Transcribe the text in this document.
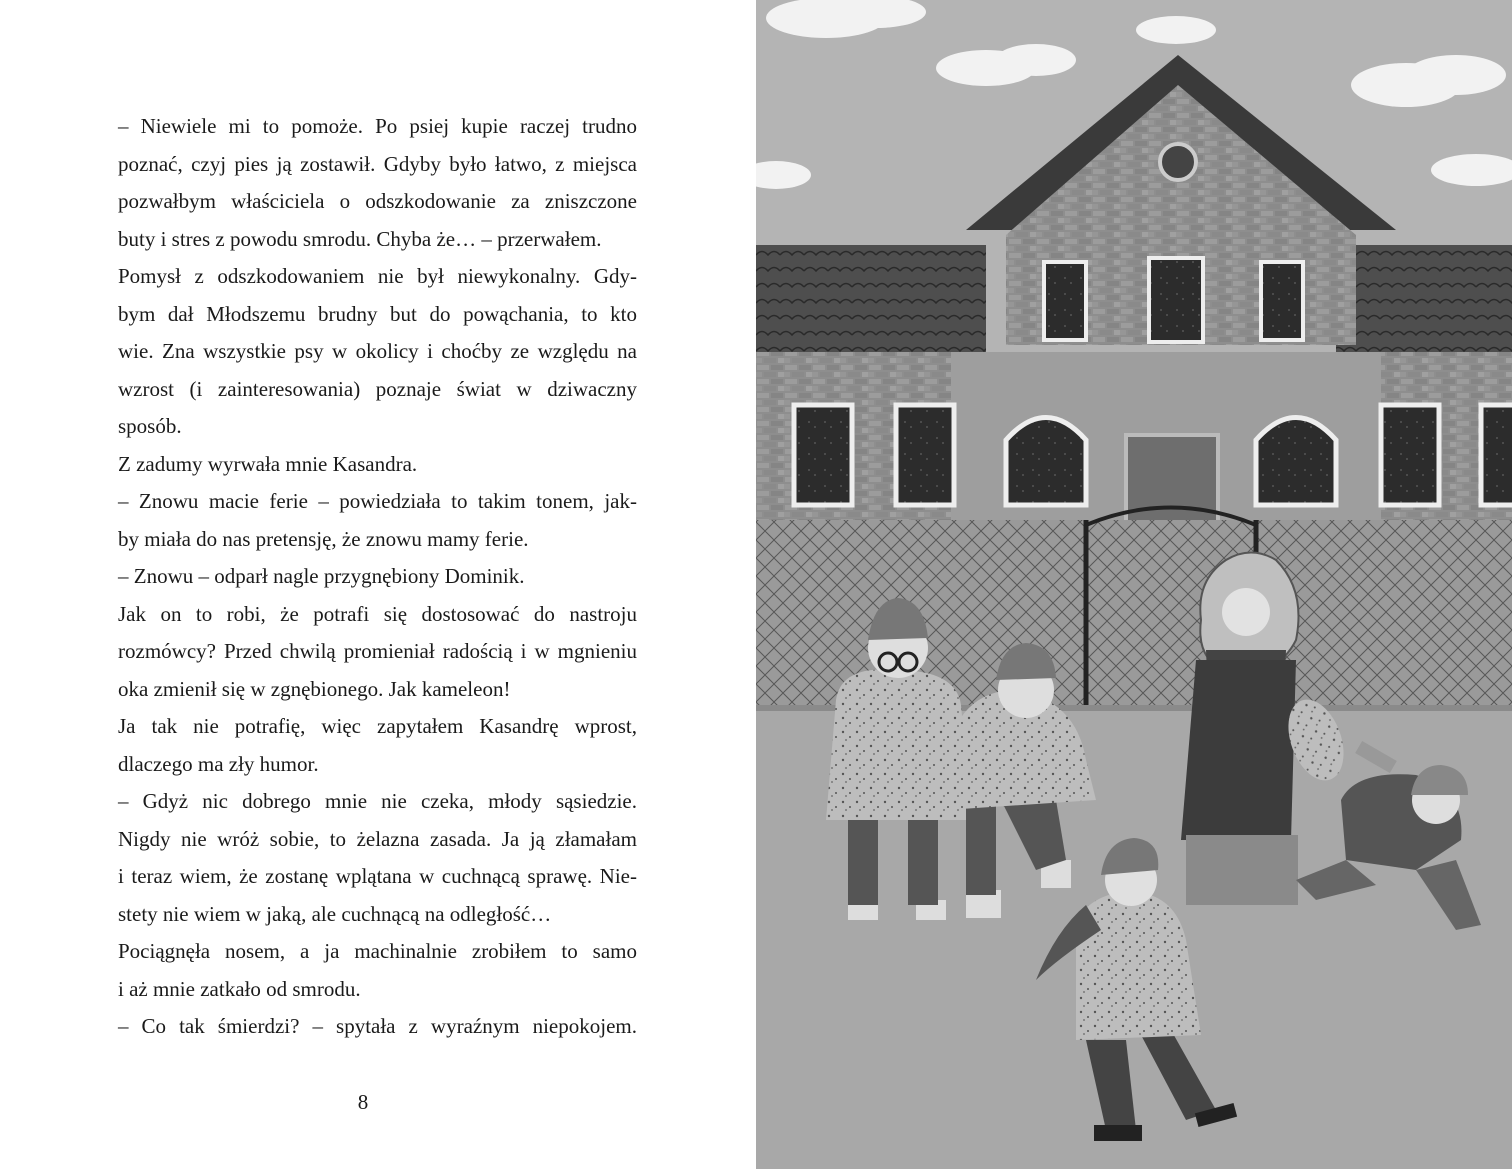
– Niewiele mi to pomoże. Po psiej kupie raczej trudno
poznać, czyj pies ją zostawił. Gdyby było łatwo, z miejsca
pozwałbym właściciela o odszkodowanie za zniszczone
buty i stres z powodu smrodu. Chyba że… – przerwałem.
Pomysł z odszkodowaniem nie był niewykonalny. Gdy-
bym dał Młodszemu brudny but do powąchania, to kto
wie. Zna wszystkie psy w okolicy i choćby ze względu na
wzrost (i zainteresowania) poznaje świat w dziwaczny
sposób.
Z zadumy wyrwała mnie Kasandra.
– Znowu macie ferie – powiedziała to takim tonem, jak-
by miała do nas pretensję, że znowu mamy ferie.
– Znowu – odparł nagle przygnębiony Dominik.
Jak on to robi, że potrafi się dostosować do nastroju
rozmówcy? Przed chwilą promieniał radością i w mgnieniu
oka zmienił się w zgnębionego. Jak kameleon!
Ja tak nie potrafię, więc zapytałem Kasandrę wprost,
dlaczego ma zły humor.
– Gdyż nic dobrego mnie nie czeka, młody sąsiedzie.
Nigdy nie wróż sobie, to żelazna zasada. Ja ją złamałam
i teraz wiem, że zostanę wplątana w cuchnącą sprawę. Nie-
stety nie wiem w jaką, ale cuchnącą na odległość…
Pociągnęła nosem, a ja machinalnie zrobiłem to samo
i aż mnie zatkało od smrodu.
– Co tak śmierdzi? – spytała z wyraźnym niepokojem.
8
